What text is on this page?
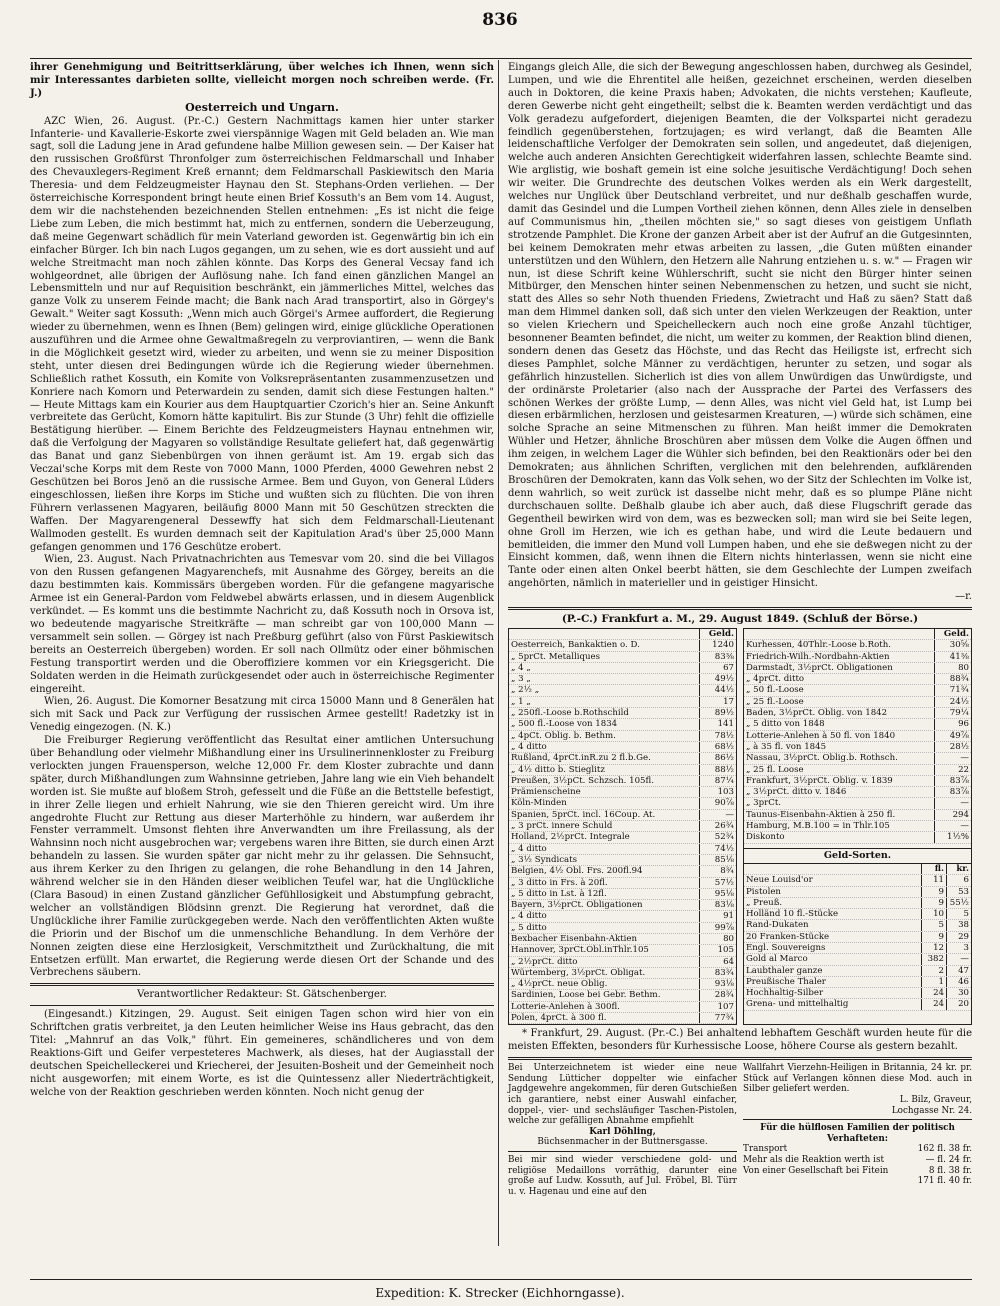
836

ihrer Genehmigung und Beitrittserklärung, über welches ich Ihnen, wenn sich mir Interessantes darbieten sollte, vielleicht morgen noch schreiben werde. (Fr. J.)

Oesterreich und Ungarn.

AZC Wien, 26. August. (Pr.-C.) Gestern Nachmittags kamen hier unter starker Infanterie- und Kavallerie-Eskorte zwei vierspännige Wagen mit Geld beladen an. Wie man sagt, soll die Ladung jene in Arad gefundene halbe Million gewesen sein. — Der Kaiser hat den russischen Großfürst Thronfolger zum österreichischen Feldmarschall und Inhaber des Chevauxlegers-Regiment Kreß ernannt; dem Feldmarschall Paskiewitsch den Maria Theresia- und dem Feldzeugmeister Haynau den St. Stephans-Orden verliehen. — Der österreichische Korrespondent bringt heute einen Brief Kossuth's an Bem vom 14. August, dem wir die nachstehenden bezeichnenden Stellen entnehmen: „Es ist nicht die feige Liebe zum Leben, die mich bestimmt hat, mich zu entfernen, sondern die Ueberzeugung, daß meine Gegenwart schädlich für mein Vaterland geworden ist. Gegenwärtig bin ich ein einfacher Bürger. Ich bin nach Lugos gegangen, um zu sehen, wie es dort aussieht und auf welche Streitmacht man noch zählen könnte. Das Korps des General Vecsay fand ich wohlgeordnet, alle übrigen der Auflösung nahe. Ich fand einen gänzlichen Mangel an Lebensmitteln und nur auf Requisition beschränkt, ein jämmerliches Mittel, welches das ganze Volk zu unserem Feinde macht; die Bank nach Arad transportirt, also in Görgey's Gewalt." Weiter sagt Kossuth: „Wenn mich auch Görgei's Armee auffordert, die Regierung wieder zu übernehmen, wenn es Ihnen (Bem) gelingen wird, einige glückliche Operationen auszuführen und die Armee ohne Gewaltmaßregeln zu verproviantiren, — wenn die Bank in die Möglichkeit gesetzt wird, wieder zu arbeiten, und wenn sie zu meiner Disposition steht, unter diesen drei Bedingungen würde ich die Regierung wieder übernehmen. Schließlich rathet Kossuth, ein Komite von Volksrepräsentanten zusammenzusetzen und Konriere nach Komorn und Peterwardein zu senden, damit sich diese Festungen halten." — Heute Mittags kam ein Kourier aus dem Hauptquartier Czorich's hier an. Seine Ankunft verbreitete das Gerücht, Komorn hätte kapitulirt. Bis zur Stunde (3 Uhr) fehlt die offizielle Bestätigung hierüber. — Einem Berichte des Feldzeugmeisters Haynau entnehmen wir, daß die Verfolgung der Magyaren so vollständige Resultate geliefert hat, daß gegenwärtig das Banat und ganz Siebenbürgen von ihnen geräumt ist. Am 19. ergab sich das Veczai'sche Korps mit dem Reste von 7000 Mann, 1000 Pferden, 4000 Gewehren nebst 2 Geschützen bei Boros Jenö an die russische Armee. Bem und Guyon, von General Lüders eingeschlossen, ließen ihre Korps im Stiche und wußten sich zu flüchten. Die von ihren Führern verlassenen Magyaren, beiläufig 8000 Mann mit 50 Geschützen streckten die Waffen. Der Magyarengeneral Dessewffy hat sich dem Feldmarschall-Lieutenant Wallmoden gestellt. Es wurden demnach seit der Kapitulation Arad's über 25,000 Mann gefangen genommen und 176 Geschütze erobert.

Wien, 23. August. Nach Privatnachrichten aus Temesvar vom 20. sind die bei Villagos von den Russen gefangenen Magyarenchefs, mit Ausnahme des Görgey, bereits an die dazu bestimmten kais. Kommissärs übergeben worden. Für die gefangene magyarische Armee ist ein General-Pardon vom Feldwebel abwärts erlassen, und in diesem Augenblick verkündet. — Es kommt uns die bestimmte Nachricht zu, daß Kossuth noch in Orsova ist, wo bedeutende magyarische Streitkräfte — man schreibt gar von 100,000 Mann — versammelt sein sollen. — Görgey ist nach Preßburg geführt (also von Fürst Paskiewitsch bereits an Oesterreich übergeben) worden. Er soll nach Ollmütz oder einer böhmischen Festung transportirt werden und die Oberoffiziere kommen vor ein Kriegsgericht. Die Soldaten werden in die Heimath zurückgesendet oder auch in österreichische Regimenter eingereiht.

Wien, 26. August. Die Komorner Besatzung mit circa 15000 Mann und 8 Generälen hat sich mit Sack und Pack zur Verfügung der russischen Armee gestellt! Radetzky ist in Venedig eingezogen. (N. K.)

Die Freiburger Regierung veröffentlicht das Resultat einer amtlichen Untersuchung über Behandlung oder vielmehr Mißhandlung einer ins Ursulinerinnenkloster zu Freiburg verlockten jungen Frauensperson, welche 12,000 Fr. dem Kloster zubrachte und dann später, durch Mißhandlungen zum Wahnsinne getrieben, Jahre lang wie ein Vieh behandelt worden ist. Sie mußte auf bloßem Stroh, gefesselt und die Füße an die Bettstelle befestigt, in ihrer Zelle liegen und erhielt Nahrung, wie sie den Thieren gereicht wird. Um ihre angedrohte Flucht zur Rettung aus dieser Marterhöhle zu hindern, war außerdem ihr Fenster verrammelt. Umsonst flehten ihre Anverwandten um ihre Freilassung, als der Wahnsinn noch nicht ausgebrochen war; vergebens waren ihre Bitten, sie durch einen Arzt behandeln zu lassen. Sie wurden später gar nicht mehr zu ihr gelassen. Die Sehnsucht, aus ihrem Kerker zu den Ihrigen zu gelangen, die rohe Behandlung in den 14 Jahren, während welcher sie in den Händen dieser weiblichen Teufel war, hat die Unglückliche (Clara Basoud) in einen Zustand gänzlicher Gefühllosigkeit und Abstumpfung gebracht, welcher an vollständigen Blödsinn grenzt. Die Regierung hat verordnet, daß die Unglückliche ihrer Familie zurückgegeben werde. Nach den veröffentlichten Akten wußte die Priorin und der Bischof um die unmenschliche Behandlung. In dem Verhöre der Nonnen zeigten diese eine Herzlosigkeit, Verschmitztheit und Zurückhaltung, die mit Entsetzen erfüllt. Man erwartet, die Regierung werde diesen Ort der Schande und des Verbrechens säubern.

Verantwortlicher Redakteur: St. Gätschenberger.

(Eingesandt.) Kitzingen, 29. August. Seit einigen Tagen schon wird hier von ein Schriftchen gratis verbreitet, ja den Leuten heimlicher Weise ins Haus gebracht, das den Titel: „Mahnruf an das Volk," führt. Ein gemeineres, schändlicheres und von dem Reaktions-Gift und Geifer verpesteteres Machwerk, als dieses, hat der Augiasstall der deutschen Speichelleckerei und Kriecherei, der Jesuiten-Bosheit und der Gemeinheit noch nicht ausgeworfen; mit einem Worte, es ist die Quintessenz aller Niederträchtigkeit, welche von der Reaktion geschrieben werden könnten. Noch nicht genug der

Eingangs gleich Alle, die sich der Bewegung angeschlossen haben, durchweg als Gesindel, Lumpen, und wie die Ehrentitel alle heißen, gezeichnet erscheinen, werden dieselben auch in Doktoren, die keine Praxis haben; Advokaten, die nichts verstehen; Kaufleute, deren Gewerbe nicht geht eingetheilt; selbst die k. Beamten werden verdächtigt und das Volk geradezu aufgefordert, diejenigen Beamten, die der Volkspartei nicht geradezu feindlich gegenüberstehen, fortzujagen; es wird verlangt, daß die Beamten Alle leidenschaftliche Verfolger der Demokraten sein sollen, und angedeutet, daß diejenigen, welche auch anderen Ansichten Gerechtigkeit widerfahren lassen, schlechte Beamte sind. Wie arglistig, wie boshaft gemein ist eine solche jesuitische Verdächtigung! Doch sehen wir weiter. Die Grundrechte des deutschen Volkes werden als ein Werk dargestellt, welches nur Unglück über Deutschland verbreitet, und nur deßhalb geschaffen wurde, damit das Gesindel und die Lumpen Vortheil ziehen können, denn Alles ziele in denselben auf Communismus hin, „theilen möchten sie," so sagt dieses von geistigem Unflath strotzende Pamphlet. Die Krone der ganzen Arbeit aber ist der Aufruf an die Gutgesinnten, bei keinem Demokraten mehr etwas arbeiten zu lassen, „die Guten müßten einander unterstützen und den Wühlern, den Hetzern alle Nahrung entziehen u. s. w." — Fragen wir nun, ist diese Schrift keine Wühlerschrift, sucht sie nicht den Bürger hinter seinen Mitbürger, den Menschen hinter seinen Nebenmenschen zu hetzen, und sucht sie nicht, statt des Alles so sehr Noth thuenden Friedens, Zwietracht und Haß zu säen? Statt daß man dem Himmel danken soll, daß sich unter den vielen Werkzeugen der Reaktion, unter so vielen Kriechern und Speichelleckern auch noch eine große Anzahl tüchtiger, besonnener Beamten befindet, die nicht, um weiter zu kommen, der Reaktion blind dienen, sondern denen das Gesetz das Höchste, und das Recht das Heiligste ist, erfrecht sich dieses Pamphlet, solche Männer zu verdächtigen, herunter zu setzen, und sogar als gefährlich hinzustellen. Sicherlich ist dies von allem Unwürdigen das Unwürdigste, und der ordinärste Proletarier (also nach der Aussprache der Partei des Verfassers des schönen Werkes der größte Lump, — denn Alles, was nicht viel Geld hat, ist Lump bei diesen erbärmlichen, herzlosen und geistesarmen Kreaturen, —) würde sich schämen, eine solche Sprache an seine Mitmenschen zu führen. Man heißt immer die Demokraten Wühler und Hetzer, ähnliche Broschüren aber müssen dem Volke die Augen öffnen und ihm zeigen, in welchem Lager die Wühler sich befinden, bei den Reaktionärs oder bei den Demokraten; aus ähnlichen Schriften, verglichen mit den belehrenden, aufklärenden Broschüren der Demokraten, kann das Volk sehen, wo der Sitz der Schlechten im Volke ist, denn wahrlich, so weit zurück ist dasselbe nicht mehr, daß es so plumpe Pläne nicht durchschauen sollte. Deßhalb glaube ich aber auch, daß diese Flugschrift gerade das Gegentheil bewirken wird von dem, was es bezwecken soll; man wird sie bei Seite legen, ohne Groll im Herzen, wie ich es gethan habe, und wird die Leute bedauern und bemitleiden, die immer den Mund voll Lumpen haben, und ehe sie deßwegen nicht zu der Einsicht kommen, daß, wenn ihnen die Eltern nichts hinterlassen, wenn sie nicht eine Tante oder einen alten Onkel beerbt hätten, sie dem Geschlechte der Lumpen zweifach angehörten, nämlich in materieller und in geistiger Hinsicht.

—r.

(P.-C.) Frankfurt a. M., 29. August 1849. (Schluß der Börse.)
Geld.
Oesterreich, Bankaktien o. D.	1240
„ 5prCt. Metalliques	83⅜
„ 4 „	67
„ 3 „	49½
„ 2½ „	44½
„ 1 „	17
„ 250fl.-Loose b.Rothschild	89½
„ 500 fl.-Loose von 1834	141
„ 4pCt. Oblig. b. Bethm.	78½
„ 4 ditto	68½
Rußland, 4prCt.inR.zu 2 fl.b.Ge.	86½
„ 4½ ditto b. Stieglitz	88½
Preußen, 3½pCt. Schzsch. 105fl.	87¼
Prämienscheine	103
Köln-Minden	90⅞
Spanien, 5prCt. incl. 16Coup. At.	—
„ 3 prCt. innere Schuld	26¾
Holland, 2½prCt. Integrale	52¾
„ 4 ditto	74½
„ 3½ Syndicats	85⅛
Belgien, 4½ Obl. Frs. 200fl.94	8¾
„ 3 ditto in Frs. à 20fl.	57½
„ 5 ditto in Lst. à 12fl.	95⅛
Bayern, 3½prCt. Obligationen	83⅛
„ 4 ditto	91
„ 5 ditto	99⅞
Bexbacher Eisenbahn-Aktien	80
Hannover, 3prCt.Obl.inThlr.105	105
„ 2½prCt. ditto	64
Würtemberg, 3½prCt. Obligat.	83¾
„ 4½prCt. neue Oblig.	93⅛
Sardinien, Loose bei Gebr. Bethm.	28¾
Lotterie-Anlehen à 300fl.	107
Polen, 4prCt. à 300 fl.	77¾
Geld.
Kurhessen, 40Thlr.-Loose b.Roth.	30⅝
Friedrich-Wilh.-Nordbahn-Aktien	41⅜
Darmstadt, 3½prCt. Obligationen	80
„ 4prCt. ditto	88¾
„ 50 fl.-Loose	71¾
„ 25 fl.-Loose	24½
Baden, 3½prCt. Oblig. von 1842	79¼
„ 5 ditto von 1848	96
Lotterie-Anlehen à 50 fl. von 1840	49⅞
„ à 35 fl. von 1845	28½
Nassau, 3½prCt. Oblig.b. Rothsch.	—
„ 25 fl. Loose	22
Frankfurt, 3½prCt. Oblig. v. 1839	83⅞
„ 3½prCt. ditto v. 1846	83⅞
„ 3prCt.	—
Taunus-Eisenbahn-Aktien à 250 fl.	294
Hamburg, M.B.100 = in Thlr.105	—
Diskonto	1½%
Geld-Sorten.
fl.	kr.
Neue Louisd'or	11	6
Pistolen	9	53
„ Preuß.	9 55½
Holländ 10 fl.-Stücke	10	5
Rand-Dukaten	5	38
20 Franken-Stücke	9	29
Engl. Souvereigns	12	3
Gold al Marco	382	—
Laubthaler ganze	2	47
Preußische Thaler	1	46
Hochhaltig-Silber	24	30
Grena- und mittelhaltig	24	20

* Frankfurt, 29. August. (Pr.-C.) Bei anhaltend lebhaftem Geschäft wurden heute für die meisten Effekten, besonders für Kurhessische Loose, höhere Course als gestern bezahlt.

Bei Unterzeichnetem ist wieder eine neue Sendung Lütticher doppelter wie einfacher Jagdgewehre angekommen, für deren Gutschießen ich garantiere, nebst einer Auswahl einfacher, doppel-, vier- und sechsläufiger Taschen-Pistolen, welche zur gefälligen Abnahme empfiehlt

Karl Döhling,

Büchsenmacher in der Buttnersgasse.

Bei mir sind wieder verschiedene gold- und religiöse Medaillons vorräthig, darunter eine große auf Ludw. Kossuth, auf Jul. Fröbel, Bl. Türr u. v. Hagenau und eine auf den

Wallfahrt Vierzehn-Heiligen in Britannia, 24 kr. pr. Stück auf Verlangen können diese Mod. auch in Silber geliefert werden.

L. Bilz, Graveur,

Lochgasse Nr. 24.

Für die hülflosen Familien der politisch Verhafteten:

Transport	162 fl. 38 fr.
Mehr als die Reaktion werth ist	— fl. 24 fr.
Von einer Gesellschaft bei Fitein	8 fl. 38 fr.
171 fl. 40 fr.
Expedition: K. Strecker (Eichhorngasse).
